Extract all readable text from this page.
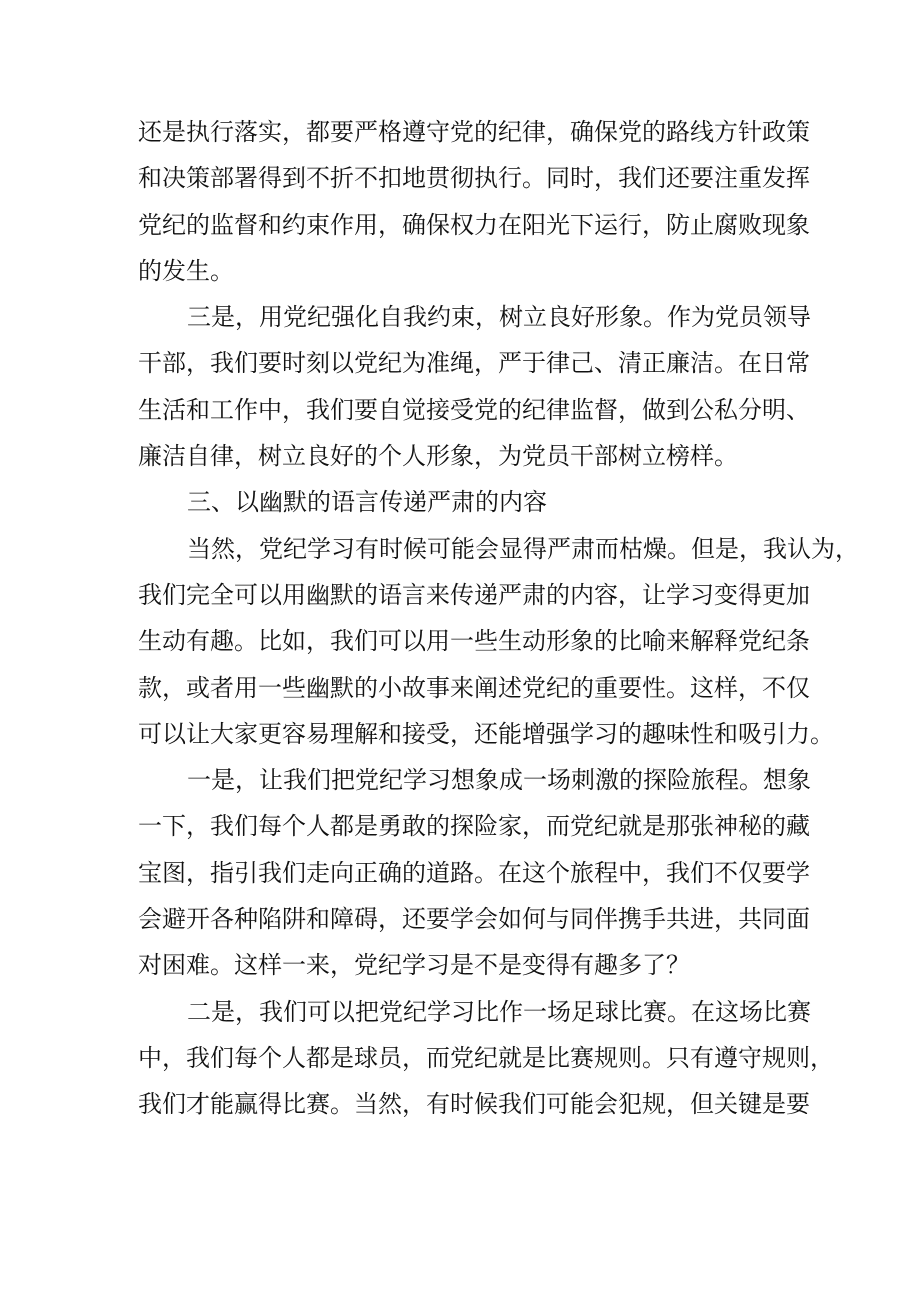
还是执行落实，都要严格遵守党的纪律，确保党的路线方针政策
和决策部署得到不折不扣地贯彻执行。同时，我们还要注重发挥
党纪的监督和约束作用，确保权力在阳光下运行，防止腐败现象
的发生。
三是，用党纪强化自我约束，树立良好形象。作为党员领导
干部，我们要时刻以党纪为准绳，严于律己、清正廉洁。在日常
生活和工作中，我们要自觉接受党的纪律监督，做到公私分明、
廉洁自律，树立良好的个人形象，为党员干部树立榜样。
三、以幽默的语言传递严肃的内容
当然，党纪学习有时候可能会显得严肃而枯燥。但是，我认为，
我们完全可以用幽默的语言来传递严肃的内容，让学习变得更加
生动有趣。比如，我们可以用一些生动形象的比喻来解释党纪条
款，或者用一些幽默的小故事来阐述党纪的重要性。这样，不仅
可以让大家更容易理解和接受，还能增强学习的趣味性和吸引力。
一是，让我们把党纪学习想象成一场刺激的探险旅程。想象
一下，我们每个人都是勇敢的探险家，而党纪就是那张神秘的藏
宝图，指引我们走向正确的道路。在这个旅程中，我们不仅要学
会避开各种陷阱和障碍，还要学会如何与同伴携手共进，共同面
对困难。这样一来，党纪学习是不是变得有趣多了？
二是，我们可以把党纪学习比作一场足球比赛。在这场比赛
中，我们每个人都是球员，而党纪就是比赛规则。只有遵守规则，
我们才能赢得比赛。当然，有时候我们可能会犯规，但关键是要
